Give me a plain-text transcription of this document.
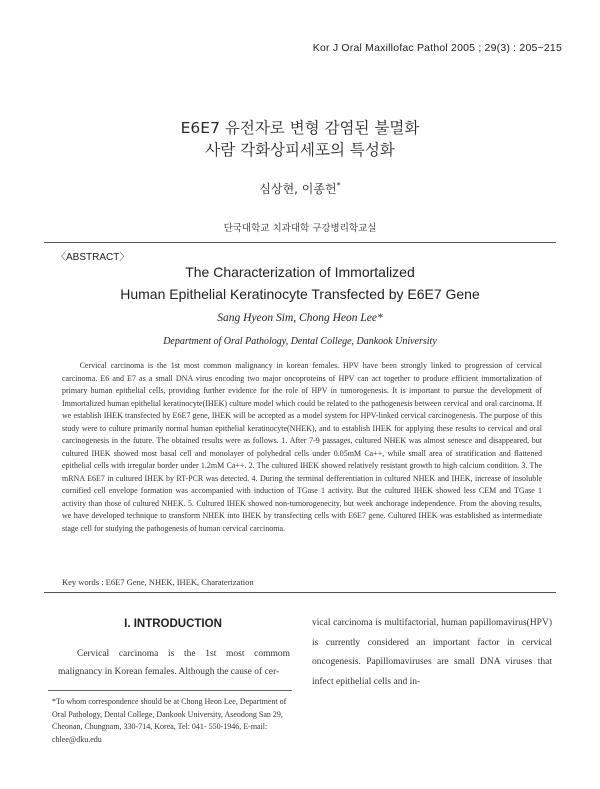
Kor J Oral Maxillofac Pathol 2005 ; 29(3) : 205~215
E6E7 유전자로 변형 감염된 불멸화
사람 각화상피세포의 특성화
심상현, 이종헌*
단국대학교 치과대학 구강병리학교실
〈ABSTRACT〉
The Characterization of Immortalized
Human Epithelial Keratinocyte Transfected by E6E7 Gene
Sang Hyeon Sim, Chong Heon Lee*
Department of Oral Pathology, Dental College, Dankook University

Cervical carcinoma is the 1st most common malignancy in korean females. HPV have been strongly linked to progression of cervical carcinoma. E6 and E7 as a small DNA virus encoding two major oncoproteins of HPV can act together to produce efficient immortalization of primary human epithelial cells, providing further evidence for the role of HPV in tumorogenesis. It is important to pursue the development of Immortalized human epithelial keratinocyte(IHEK) culture model which could be related to the pathogenesis between cervical and oral carcinoma. If we establish IHEK transfected by E6E7 gene, IHEK will be accepted as a model system for HPV-linked cervical carcinogenesis. The purpose of this study were to culture primarily normal human epithelial keratinocyte(NHEK), and to establish IHEK for applying these results to cervical and oral carcinogenesis in the future. The obtained results were as follows. 1. After 7-9 passages, cultured NHEK was almost senesce and disappeared, but cultured IHEK showed most basal cell and monolayer of polyhedral cells under 0.05mM Ca++, while small area of stratification and flattened epithelial cells with irregular border under 1.2mM Ca++. 2. The cultured IHEK showed relatively resistant growth to high calcium condition. 3. The mRNA E6E7 in cultured IHEK by RT-PCR was detected. 4. During the terminal defferentiation in cultured NHEK and IHEK, increase of insoluble cornified cell envelope formation was accompanied with induction of TGase 1 activity. But the cultured IHEK showed less CEM and TGase 1 activity than those of cultured NHEK. 5. Cultured IHEK showed non-tumorogenecity, but week anchorage independence. From the aboving results, we have developed technique to transform NHEK into IHEK by transfecting cells with E6E7 gene. Cultured IHEK was established as intermediate stage cell for studying the pathogenesis of human cervical carcinoma.

Key words : E6E7 Gene, NHEK, IHEK, Charaterization

I. INTRODUCTION

Cervical carcinoma is the 1st most commom malignancy in Korean females. Although the cause of cer-

vical carcinoma is multifactorial, human papillomavirus(HPV) is currently considered an important factor in cervical oncogenesis. Papillomaviruses are small DNA viruses that infect epithelial cells and in-

*To whom correspondence should be at Chong Heon Lee, Department of Oral Pathology, Dental College, Dankook University, Aseodong San 29, Cheonan, Chungnam, 330-714, Korea, Tel: 041- 550-1946, E-mail: chlee@dku.edu
